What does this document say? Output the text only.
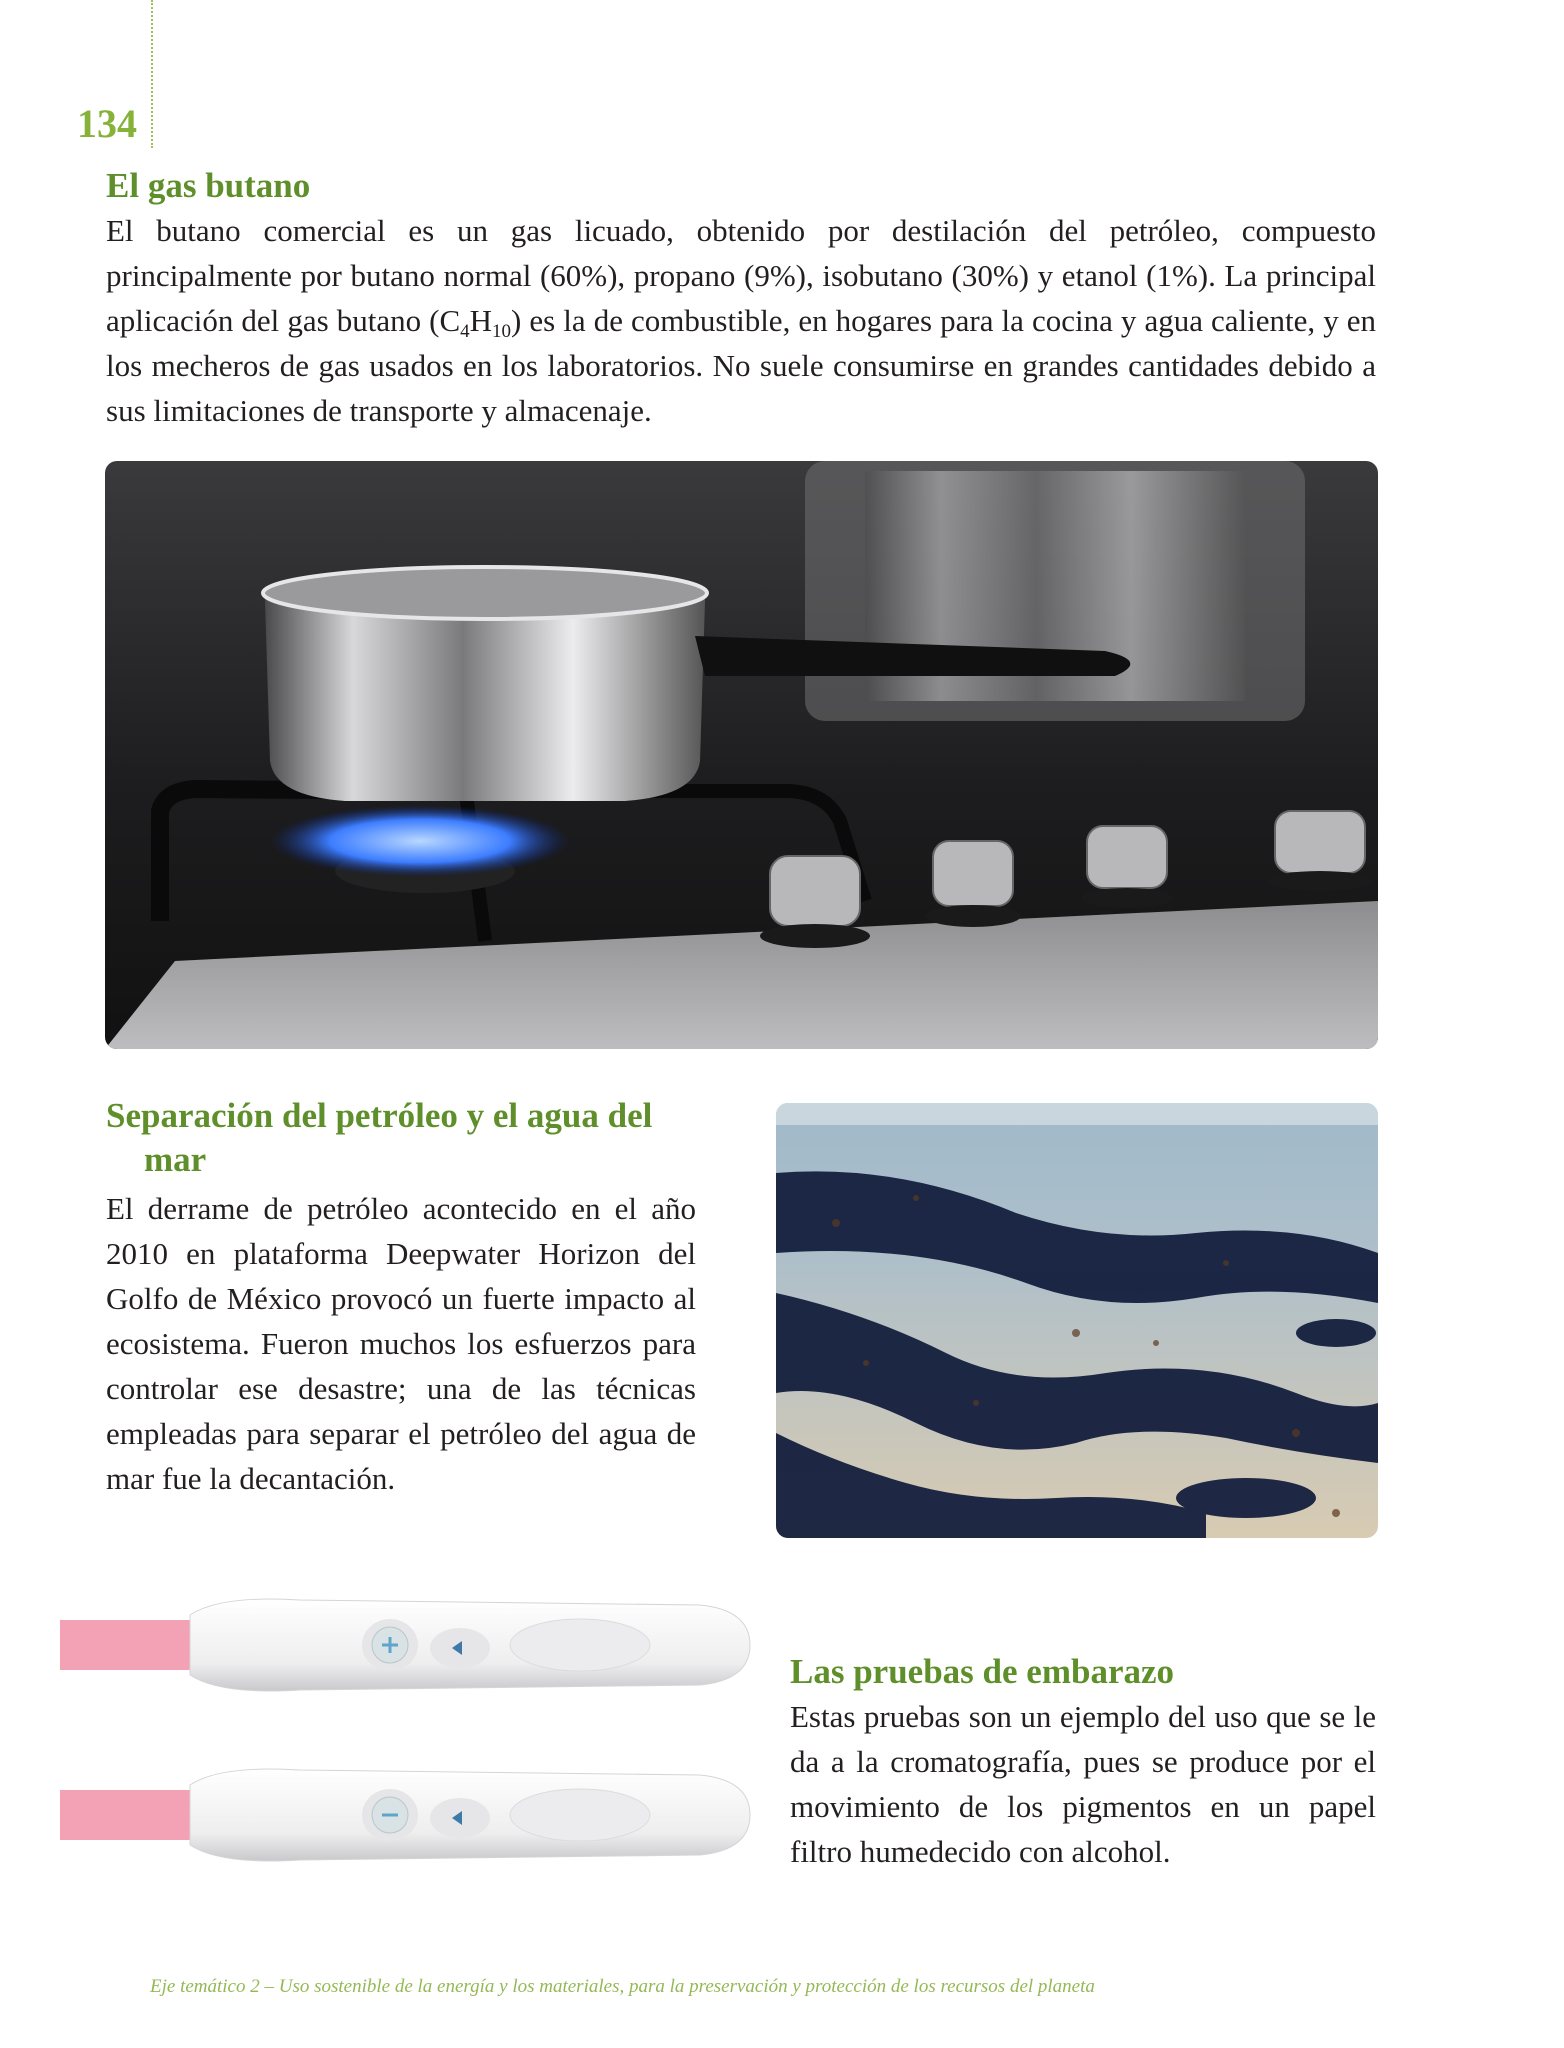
134
El gas butano

El butano comercial es un gas licuado, obtenido por destilación del petróleo, compuesto principalmente por butano normal (60%), propano (9%), isobutano (30%) y etanol (1%). La principal aplicación del gas butano $(C_4H_{10})$ es la de combustible, en hogares para la cocina y agua caliente, y en los mecheros de gas usados en los laboratorios. No suele consumirse en grandes cantidades debido a sus limitaciones de transporte y almacenaje.

Separación del petróleo y el agua del
mar

El derrame de petróleo acontecido en el año 2010 en plataforma Deepwater Horizon del Golfo de México provocó un fuerte impacto al ecosistema. Fueron muchos los esfuerzos para controlar ese desastre; una de las técnicas empleadas para separar el petróleo del agua de mar fue la decantación.

Las pruebas de embarazo

Estas pruebas son un ejemplo del uso que se le da a la cromatografía, pues se produce por el movimiento de los pigmentos en un papel filtro humedecido con alcohol.

Eje temático 2 – Uso sostenible de la energía y los materiales, para la preservación y protección de los recursos del planeta
